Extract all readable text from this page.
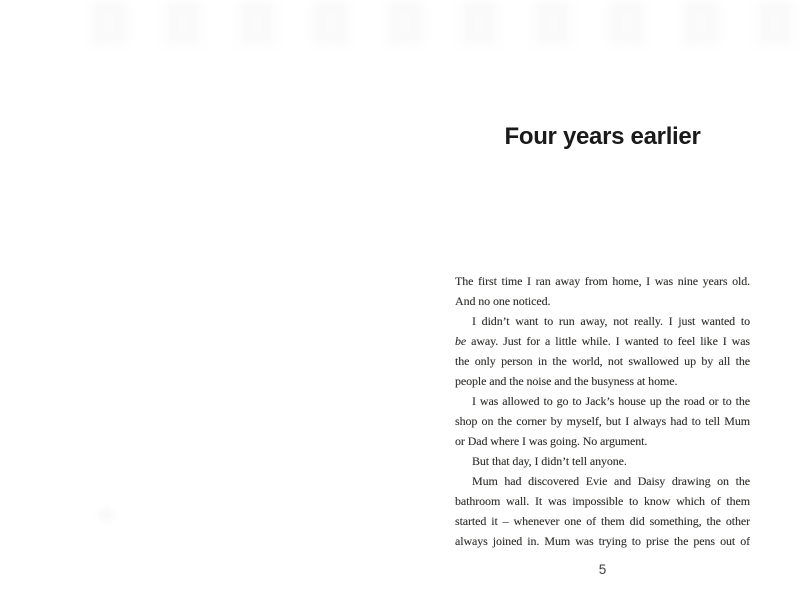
Four years earlier
The first time I ran away from home, I was nine years old.
And no one noticed.
I didn’t want to run away, not really. I just wanted to
be away. Just for a little while. I wanted to feel like I was
the only person in the world, not swallowed up by all the
people and the noise and the busyness at home.
I was allowed to go to Jack’s house up the road or to the
shop on the corner by myself, but I always had to tell Mum
or Dad where I was going. No argument.
But that day, I didn’t tell anyone.
Mum had discovered Evie and Daisy drawing on the
bathroom wall. It was impossible to know which of them
started it – whenever one of them did something, the other
always joined in. Mum was trying to prise the pens out of
5
